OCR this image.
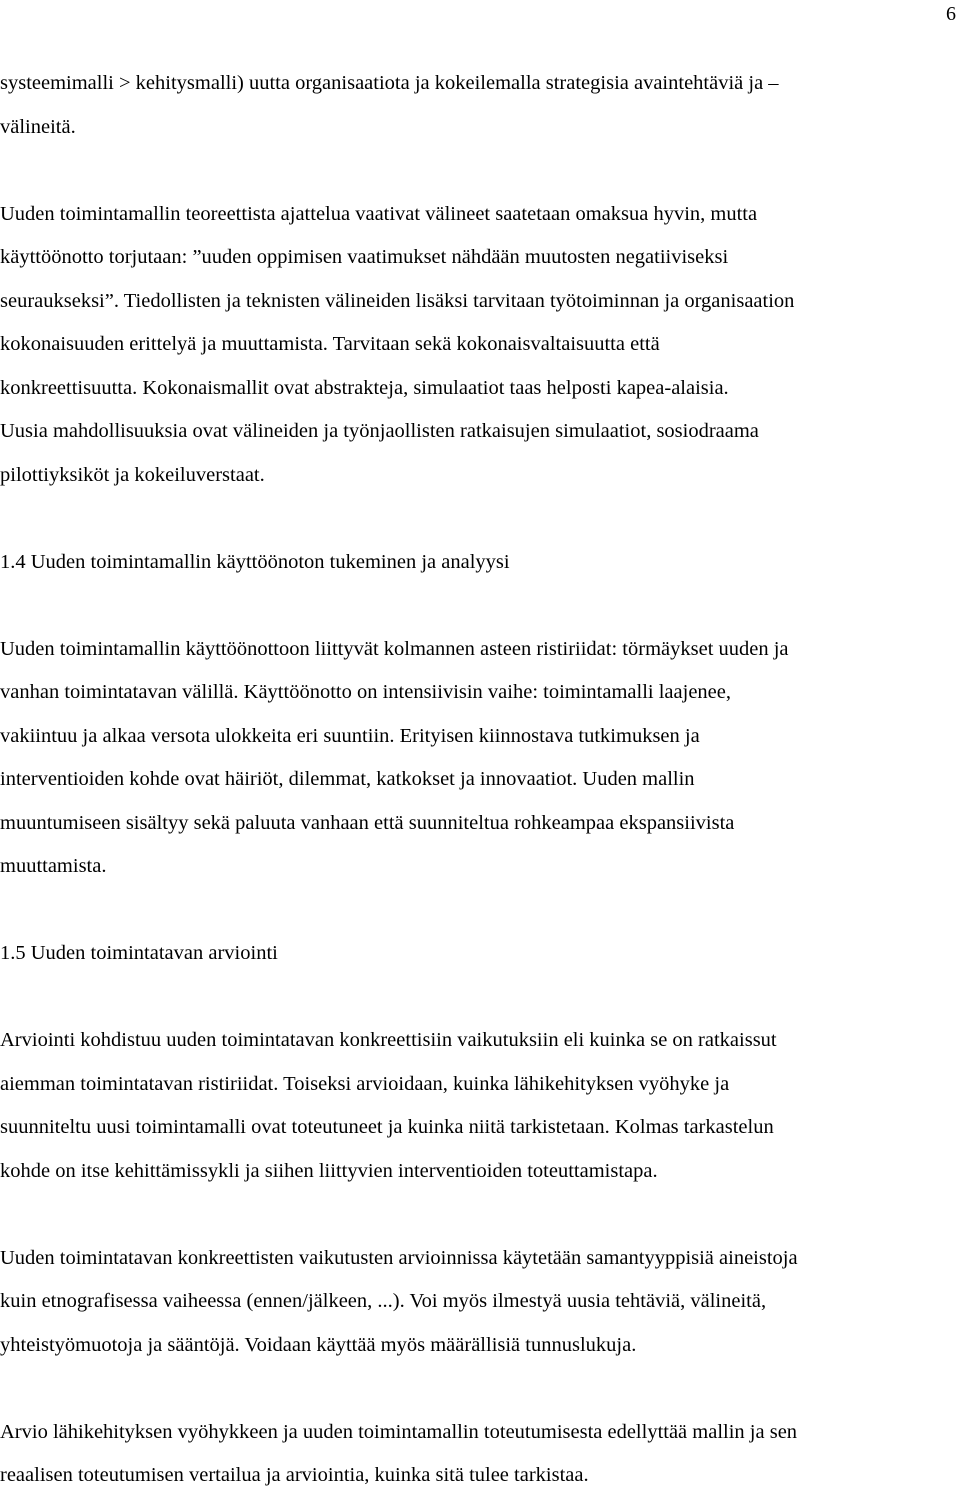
6

systeemimalli > kehitysmalli) uutta organisaatiota ja kokeilemalla strategisia avaintehtäviä ja –
välineitä.

Uuden toimintamallin teoreettista ajattelua vaativat välineet saatetaan omaksua hyvin, mutta
käyttöönotto torjutaan: ”uuden oppimisen vaatimukset nähdään muutosten negatiiviseksi
seuraukseksi”. Tiedollisten ja teknisten välineiden lisäksi tarvitaan työtoiminnan ja organisaation
kokonaisuuden erittelyä ja muuttamista. Tarvitaan sekä kokonaisvaltaisuutta että
konkreettisuutta. Kokonaismallit ovat abstrakteja, simulaatiot taas helposti kapea-alaisia.
Uusia mahdollisuuksia ovat välineiden ja työnjaollisten ratkaisujen simulaatiot, sosiodraama
pilottiyksiköt ja kokeiluverstaat.

1.4 Uuden toimintamallin käyttöönoton tukeminen ja analyysi

Uuden toimintamallin käyttöönottoon liittyvät kolmannen asteen ristiriidat: törmäykset uuden ja
vanhan toimintatavan välillä. Käyttöönotto on intensiivisin vaihe: toimintamalli laajenee,
vakiintuu ja alkaa versota ulokkeita eri suuntiin. Erityisen kiinnostava tutkimuksen ja
interventioiden kohde ovat häiriöt, dilemmat, katkokset ja innovaatiot. Uuden mallin
muuntumiseen sisältyy sekä paluuta vanhaan että suunniteltua rohkeampaa ekspansiivista
muuttamista.

1.5 Uuden toimintatavan arviointi

Arviointi kohdistuu uuden toimintatavan konkreettisiin vaikutuksiin eli kuinka se on ratkaissut
aiemman toimintatavan ristiriidat. Toiseksi arvioidaan, kuinka lähikehityksen vyöhyke ja
suunniteltu uusi toimintamalli ovat toteutuneet ja kuinka niitä tarkistetaan. Kolmas tarkastelun
kohde on itse kehittämissykli ja siihen liittyvien interventioiden toteuttamistapa.

Uuden toimintatavan konkreettisten vaikutusten arvioinnissa käytetään samantyyppisiä aineistoja
kuin etnografisessa vaiheessa (ennen/jälkeen, ...). Voi myös ilmestyä uusia tehtäviä, välineitä,
yhteistyömuotoja ja sääntöjä. Voidaan käyttää myös määrällisiä tunnuslukuja.

Arvio lähikehityksen vyöhykkeen ja uuden toimintamallin toteutumisesta edellyttää mallin ja sen
reaalisen toteutumisen vertailua ja arviointia, kuinka sitä tulee tarkistaa.
